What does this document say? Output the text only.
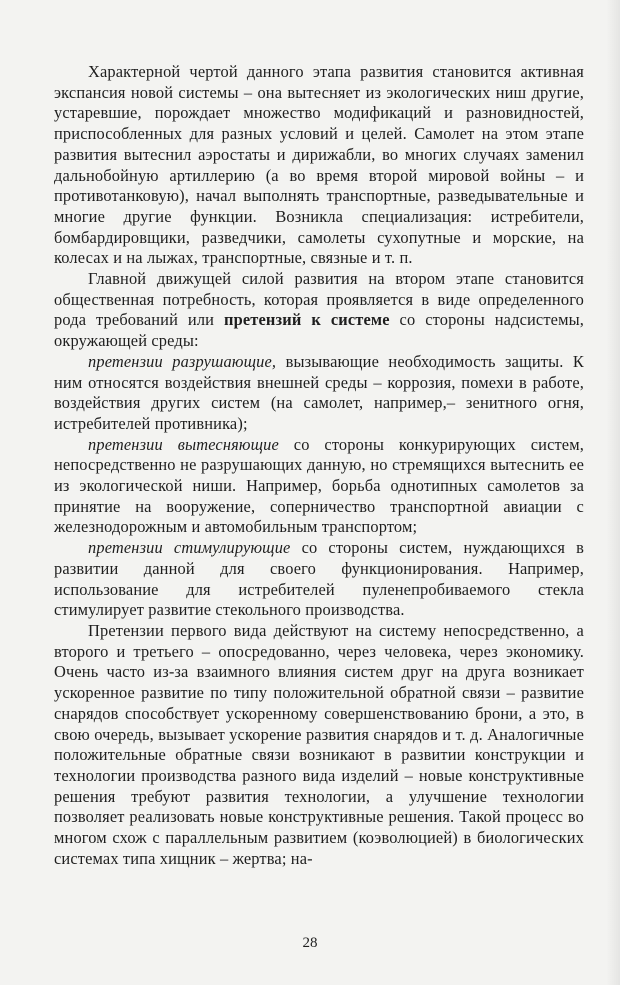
Характерной чертой данного этапа развития становится активная экспансия новой системы – она вытесняет из экологических ниш другие, устаревшие, порождает множество модификаций и разновидностей, приспособленных для разных условий и целей. Самолет на этом этапе развития вытеснил аэростаты и дирижабли, во многих случаях заменил дальнобойную артиллерию (а во время второй мировой войны – и противотанковую), начал выполнять транспортные, разведывательные и многие другие функции. Возникла специализация: истребители, бомбардировщики, разведчики, самолеты сухопутные и морские, на колесах и на лыжах, транспортные, связные и т. п.

Главной движущей силой развития на втором этапе становится общественная потребность, которая проявляется в виде определенного рода требований или претензий к системе со стороны надсистемы, окружающей среды:

претензии разрушающие, вызывающие необходимость защиты. К ним относятся воздействия внешней среды – коррозия, помехи в работе, воздействия других систем (на самолет, например,– зенитного огня, истребителей противника);

претензии вытесняющие со стороны конкурирующих систем, непосредственно не разрушающих данную, но стремящихся вытеснить ее из экологической ниши. Например, борьба однотипных самолетов за принятие на вооружение, соперничество транспортной авиации с железнодорожным и автомобильным транспортом;

претензии стимулирующие со стороны систем, нуждающихся в развитии данной для своего функционирования. Например, использование для истребителей пуленепробиваемого стекла стимулирует развитие стекольного производства.

Претензии первого вида действуют на систему непосредственно, а второго и третьего – опосредованно, через человека, через экономику. Очень часто из-за взаимного влияния систем друг на друга возникает ускоренное развитие по типу положительной обратной связи – развитие снарядов способствует ускоренному совершенствованию брони, а это, в свою очередь, вызывает ускорение развития снарядов и т. д. Аналогичные положительные обратные связи возникают в развитии конструкции и технологии производства разного вида изделий – новые конструктивные решения требуют развития технологии, а улучшение технологии позволяет реализовать новые конструктивные решения. Такой процесс во многом схож с параллельным развитием (коэволюцией) в биологических системах типа хищник – жертва; на-

28
